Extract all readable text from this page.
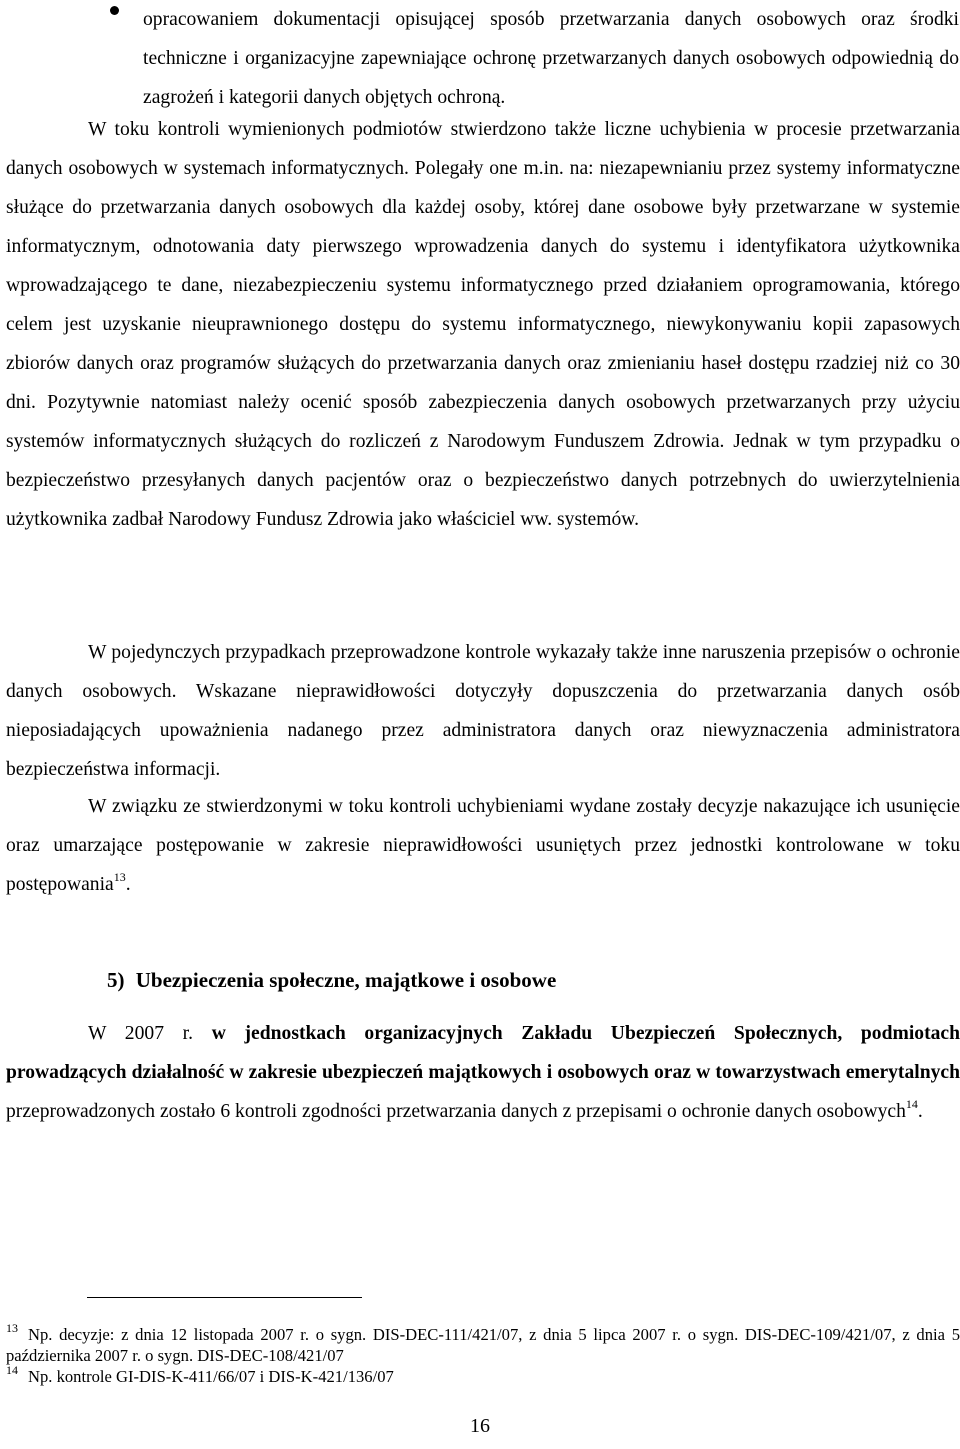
opracowaniem dokumentacji opisującej sposób przetwarzania danych osobowych oraz środki techniczne i organizacyjne zapewniające ochronę przetwarzanych danych osobowych odpowiednią do zagrożeń i kategorii danych objętych ochroną.

W toku kontroli wymienionych podmiotów stwierdzono także liczne uchybienia w procesie przetwarzania danych osobowych w systemach informatycznych. Polegały one m.in. na: niezapewnianiu przez systemy informatyczne służące do przetwarzania danych osobowych dla każdej osoby, której dane osobowe były przetwarzane w systemie informatycznym, odnotowania daty pierwszego wprowadzenia danych do systemu i identyfikatora użytkownika wprowadzającego te dane, niezabezpieczeniu systemu informatycznego przed działaniem oprogramowania, którego celem jest uzyskanie nieuprawnionego dostępu do systemu informatycznego, niewykonywaniu kopii zapasowych zbiorów danych oraz programów służących do przetwarzania danych oraz zmienianiu haseł dostępu rzadziej niż co 30 dni. Pozytywnie natomiast należy ocenić sposób zabezpieczenia danych osobowych przetwarzanych przy użyciu systemów informatycznych służących do rozliczeń z Narodowym Funduszem Zdrowia. Jednak w tym przypadku o bezpieczeństwo przesyłanych danych pacjentów oraz o bezpieczeństwo danych potrzebnych do uwierzytelnienia użytkownika zadbał Narodowy Fundusz Zdrowia jako właściciel ww. systemów.

W pojedynczych przypadkach przeprowadzone kontrole wykazały także inne naruszenia przepisów o ochronie danych osobowych. Wskazane nieprawidłowości dotyczyły dopuszczenia do przetwarzania danych osób nieposiadających upoważnienia nadanego przez administratora danych oraz niewyznaczenia administratora bezpieczeństwa informacji.

W związku ze stwierdzonymi w toku kontroli uchybieniami wydane zostały decyzje nakazujące ich usunięcie oraz umarzające postępowanie w zakresie nieprawidłowości usuniętych przez jednostki kontrolowane w toku postępowania$^{13}$.

5) Ubezpieczenia społeczne, majątkowe i osobowe

W 2007 r. w jednostkach organizacyjnych Zakładu Ubezpieczeń Społecznych, podmiotach prowadzących działalność w zakresie ubezpieczeń majątkowych i osobowych oraz w towarzystwach emerytalnych przeprowadzonych zostało 6 kontroli zgodności przetwarzania danych z przepisami o ochronie danych osobowych$^{14}$.

$^{13}$ Np. decyzje: z dnia 12 listopada 2007 r. o sygn. DIS-DEC-111/421/07, z dnia 5 lipca 2007 r. o sygn. DIS-DEC-109/421/07, z dnia 5 października 2007 r. o sygn. DIS-DEC-108/421/07

$^{14}$ Np. kontrole GI-DIS-K-411/66/07 i DIS-K-421/136/07

16
